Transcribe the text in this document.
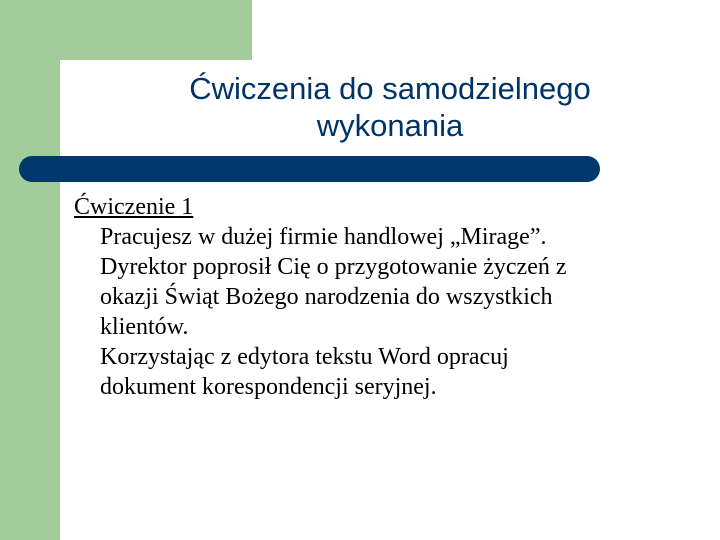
Ćwiczenia do samodzielnego
wykonania
Ćwiczenie 1
Pracujesz w dużej firmie handlowej „Mirage”.
Dyrektor poprosił Cię o przygotowanie życzeń z
okazji Świąt Bożego narodzenia do wszystkich
klientów.
Korzystając z edytora tekstu Word opracuj
dokument korespondencji seryjnej.
